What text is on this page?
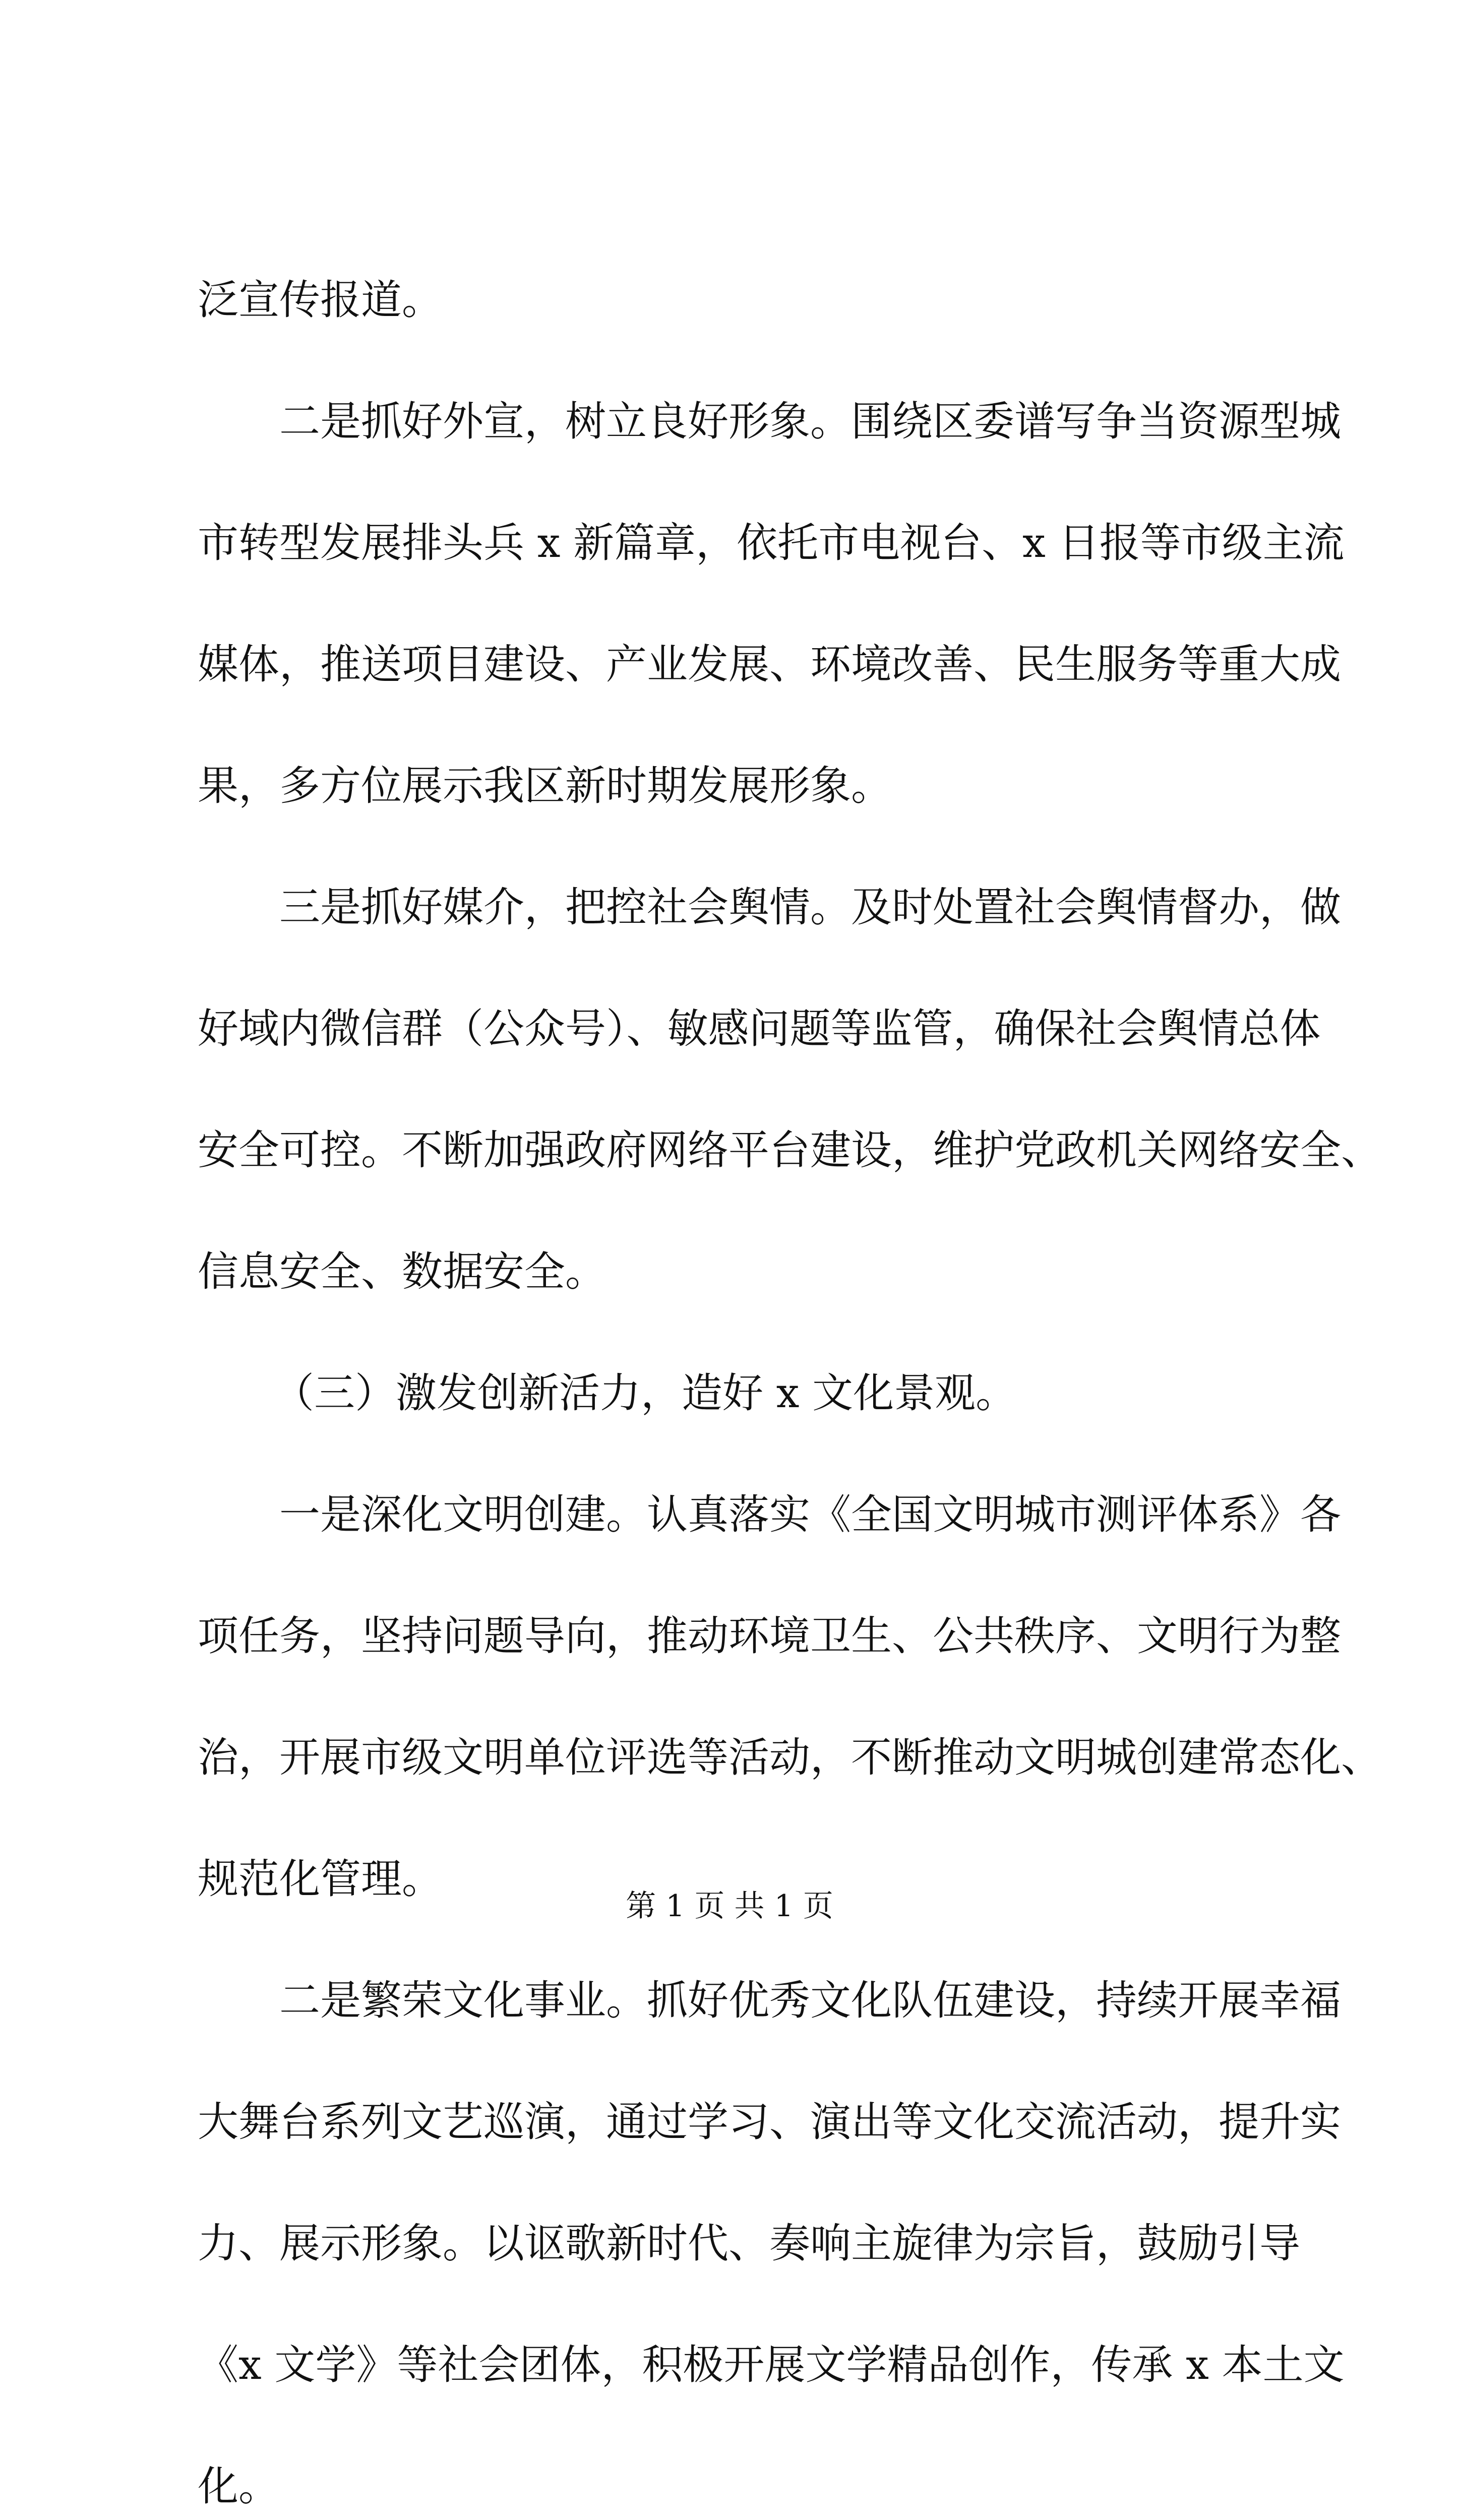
泛宣传报道。
二是抓好外宣，树立良好形象。围绕区委谱写争当资源型城
市转型发展排头兵 x 新篇章，依托市电视台、x 日报等市级主流
媒体，推送项目建设、产业发展、环境改善、民生服务等重大成
果，多方位展示我区新时期发展形象。
三是抓好媒介，把控社会舆情。及时处置社会舆情督办，做
好域内微信群（公众号）、敏感问题等监管，确保社会舆情总体
安全可控。不断加强政府网络平台建设，维护党政机关网络安全、
信息安全、数据安全。
（三）激发创新活力，造好 x 文化景观。
一是深化文明创建。认真落实《全国文明城市测评体系》各
项任务，坚持问题导向，推动环境卫生、公共秩序、文明行为整
治，开展市级文明单位评选等活动，不断推动文明城创建常态化、
规范化管理。
二是繁荣文化事业。抓好优秀文化队伍建设，持续开展幸福
大舞台系列文艺巡演，通过学习、演出等文化交流活动，提升实
力、展示形象。以讴歌新时代、奏响主旋律为宗旨，鼓励引导
《x 文学》等社会团体，积极开展文学精品创作，传承 x 本土文
化。
第 1 页 共 1 页
